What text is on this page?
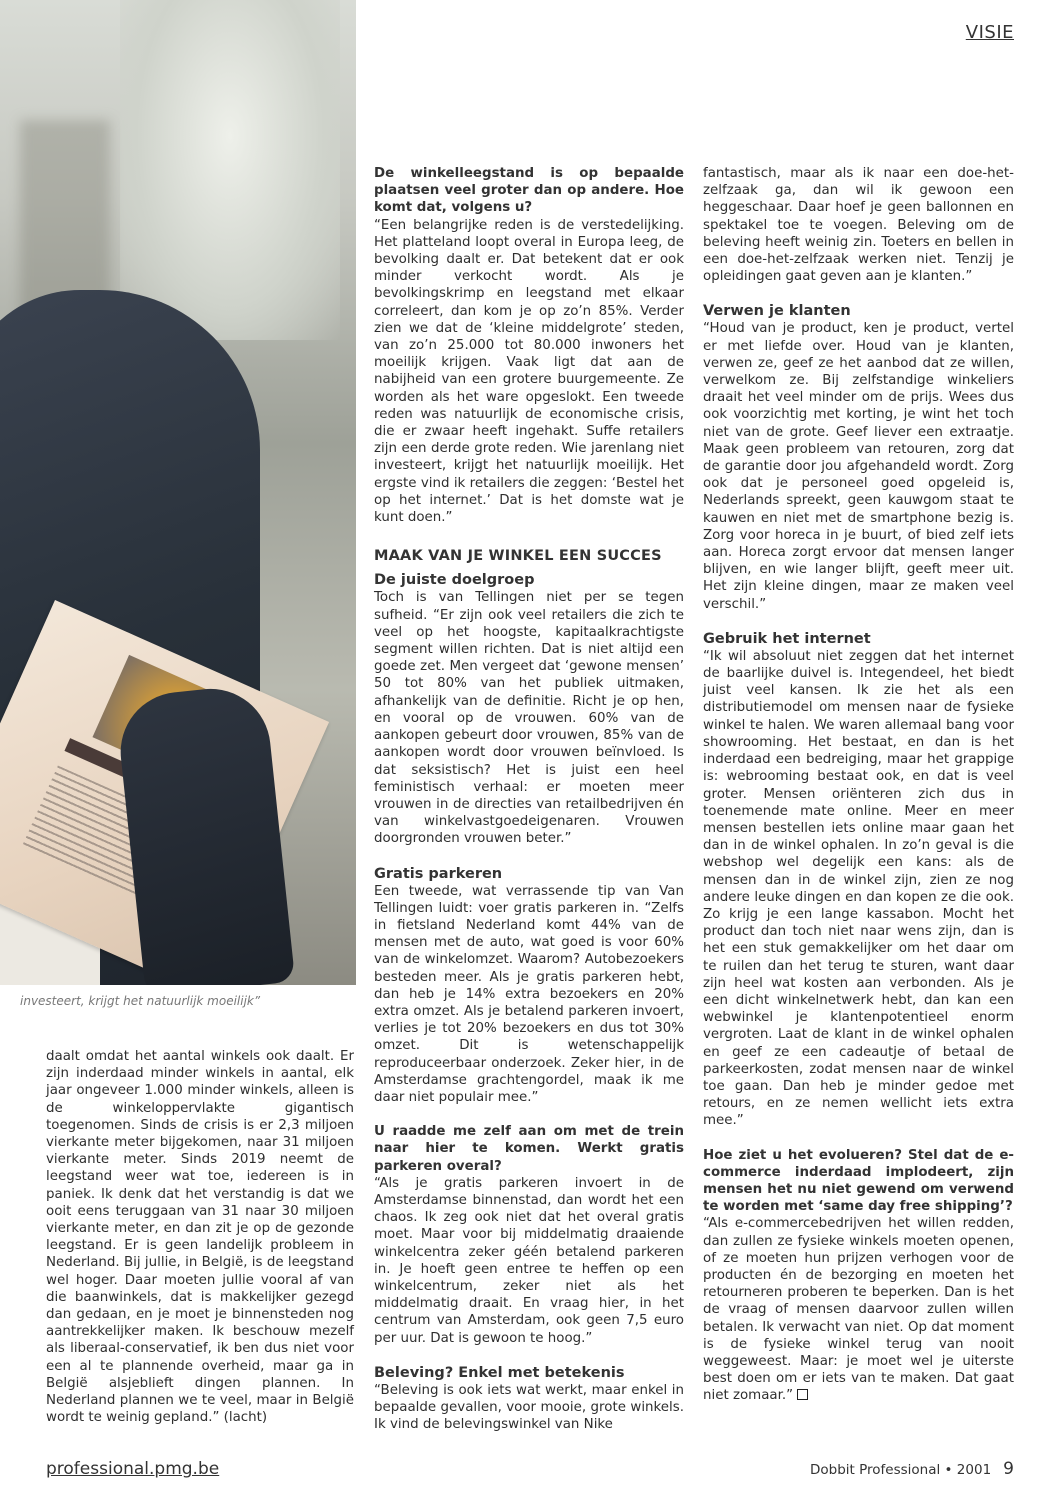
investeert, krijgt het natuurlijk moeilijk”

VISIE

daalt omdat het aantal winkels ook daalt. Er zijn inderdaad minder winkels in aantal, elk jaar ongeveer 1.000 minder winkels, alleen is de winkeloppervlakte gigantisch toegenomen. Sinds de crisis is er 2,3 miljoen vierkante meter bijgekomen, naar 31 miljoen vierkante meter. Sinds 2019 neemt de leegstand weer wat toe, iedereen is in paniek. Ik denk dat het verstandig is dat we ooit eens teruggaan van 31 naar 30 miljoen vierkante meter, en dan zit je op de gezonde leegstand. Er is geen landelijk probleem in Nederland. Bij jullie, in België, is de leegstand wel hoger. Daar moeten jullie vooral af van die baanwinkels, dat is makkelijker gezegd dan gedaan, en je moet je binnensteden nog aantrekkelijker maken. Ik beschouw mezelf als liberaal-conservatief, ik ben dus niet voor een al te plannende overheid, maar ga in België alsjeblieft dingen plannen. In Nederland plannen we te veel, maar in België wordt te weinig gepland.” (lacht)

De winkelleegstand is op bepaalde plaatsen veel groter dan op andere. Hoe komt dat, volgens u?

“Een belangrijke reden is de verstedelijking. Het platteland loopt overal in Europa leeg, de bevolking daalt er. Dat betekent dat er ook minder verkocht wordt. Als je bevolkingskrimp en leegstand met elkaar correleert, dan kom je op zo’n 85%. Verder zien we dat de ‘kleine middelgrote’ steden, van zo’n 25.000 tot 80.000 inwoners het moeilijk krijgen. Vaak ligt dat aan de nabijheid van een grotere buurgemeente. Ze worden als het ware opgeslokt. Een tweede reden was natuurlijk de economische crisis, die er zwaar heeft ingehakt. Suffe retailers zijn een derde grote reden. Wie jarenlang niet investeert, krijgt het natuurlijk moeilijk. Het ergste vind ik retailers die zeggen: ‘Bestel het op het internet.’ Dat is het domste wat je kunt doen.”

MAAK VAN JE WINKEL EEN SUCCES
De juiste doelgroep

Toch is van Tellingen niet per se tegen sufheid. “Er zijn ook veel retailers die zich te veel op het hoogste, kapitaalkrachtigste segment willen richten. Dat is niet altijd een goede zet. Men vergeet dat ‘gewone mensen’ 50 tot 80% van het publiek uitmaken, afhankelijk van de definitie. Richt je op hen, en vooral op de vrouwen. 60% van de aankopen gebeurt door vrouwen, 85% van de aankopen wordt door vrouwen beïnvloed. Is dat seksistisch? Het is juist een heel feministisch verhaal: er moeten meer vrouwen in de directies van retailbedrijven én van winkelvastgoedeigenaren. Vrouwen doorgronden vrouwen beter.”

Gratis parkeren

Een tweede, wat verrassende tip van Van Tellingen luidt: voer gratis parkeren in. “Zelfs in fietsland Nederland komt 44% van de mensen met de auto, wat goed is voor 60% van de winkelomzet. Waarom? Autobezoekers besteden meer. Als je gratis parkeren hebt, dan heb je 14% extra bezoekers en 20% extra omzet. Als je betalend parkeren invoert, verlies je tot 20% bezoekers en dus tot 30% omzet. Dit is wetenschappelijk reproduceerbaar onderzoek. Zeker hier, in de Amsterdamse grachtengordel, maak ik me daar niet populair mee.”

U raadde me zelf aan om met de trein naar hier te komen. Werkt gratis parkeren overal?

“Als je gratis parkeren invoert in de Amsterdamse binnenstad, dan wordt het een chaos. Ik zeg ook niet dat het overal gratis moet. Maar voor bij middelmatig draaiende winkelcentra zeker géén betalend parkeren in. Je hoeft geen entree te heffen op een winkelcentrum, zeker niet als het middelmatig draait. En vraag hier, in het centrum van Amsterdam, ook geen 7,5 euro per uur. Dat is gewoon te hoog.”

Beleving? Enkel met betekenis

“Beleving is ook iets wat werkt, maar enkel in bepaalde gevallen, voor mooie, grote winkels. Ik vind de belevingswinkel van Nike

fantastisch, maar als ik naar een doe-het-zelfzaak ga, dan wil ik gewoon een heggeschaar. Daar hoef je geen ballonnen en spektakel toe te voegen. Beleving om de beleving heeft weinig zin. Toeters en bellen in een doe-het-zelfzaak werken niet. Tenzij je opleidingen gaat geven aan je klanten.”

Verwen je klanten

“Houd van je product, ken je product, vertel er met liefde over. Houd van je klanten, verwen ze, geef ze het aanbod dat ze willen, verwelkom ze. Bij zelfstandige winkeliers draait het veel minder om de prijs. Wees dus ook voorzichtig met korting, je wint het toch niet van de grote. Geef liever een extraatje. Maak geen probleem van retouren, zorg dat de garantie door jou afgehandeld wordt. Zorg ook dat je personeel goed opgeleid is, Nederlands spreekt, geen kauwgom staat te kauwen en niet met de smartphone bezig is. Zorg voor horeca in je buurt, of bied zelf iets aan. Horeca zorgt ervoor dat mensen langer blijven, en wie langer blijft, geeft meer uit. Het zijn kleine dingen, maar ze maken veel verschil.”

Gebruik het internet

“Ik wil absoluut niet zeggen dat het internet de baarlijke duivel is. Integendeel, het biedt juist veel kansen. Ik zie het als een distributiemodel om mensen naar de fysieke winkel te halen. We waren allemaal bang voor showrooming. Het bestaat, en dan is het inderdaad een bedreiging, maar het grappige is: webrooming bestaat ook, en dat is veel groter. Mensen oriënteren zich dus in toenemende mate online. Meer en meer mensen bestellen iets online maar gaan het dan in de winkel ophalen. In zo’n geval is die webshop wel degelijk een kans: als de mensen dan in de winkel zijn, zien ze nog andere leuke dingen en dan kopen ze die ook. Zo krijg je een lange kassabon. Mocht het product dan toch niet naar wens zijn, dan is het een stuk gemakkelijker om het daar om te ruilen dan het terug te sturen, want daar zijn heel wat kosten aan verbonden. Als je een dicht winkelnetwerk hebt, dan kan een webwinkel je klantenpotentieel enorm vergroten. Laat de klant in de winkel ophalen en geef ze een cadeautje of betaal de parkeerkosten, zodat mensen naar de winkel toe gaan. Dan heb je minder gedoe met retours, en ze nemen wellicht iets extra mee.”

Hoe ziet u het evolueren? Stel dat de e-commerce inderdaad implodeert, zijn mensen het nu niet gewend om verwend te worden met ‘same day free shipping’?

“Als e-commercebedrijven het willen redden, dan zullen ze fysieke winkels moeten openen, of ze moeten hun prijzen verhogen voor de producten én de bezorging en moeten het retourneren proberen te beperken. Dan is het de vraag of mensen daarvoor zullen willen betalen. Ik verwacht van niet. Op dat moment is de fysieke winkel terug van nooit weggeweest. Maar: je moet wel je uiterste best doen om er iets van te maken. Dat gaat niet zomaar.”

professional.pmg.be	Dobbit Professional • 2001 9
